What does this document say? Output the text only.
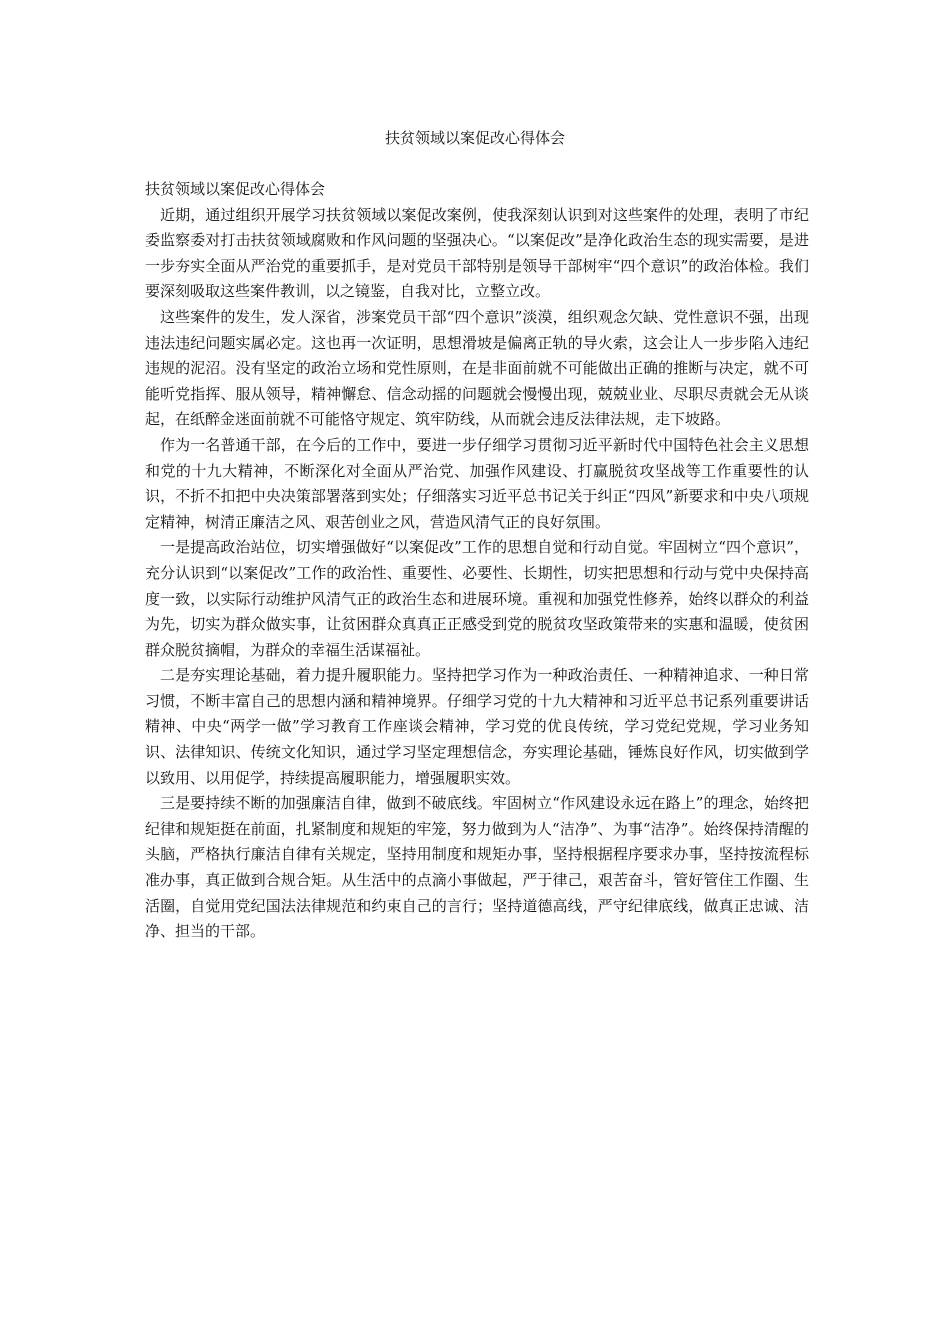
扶贫领域以案促改心得体会

扶贫领域以案促改心得体会

近期，通过组织开展学习扶贫领域以案促改案例，使我深刻认识到对这些案件的处理，表明了市纪委监察委对打击扶贫领域腐败和作风问题的坚强决心。“以案促改”是净化政治生态的现实需要，是进一步夯实全面从严治党的重要抓手，是对党员干部特别是领导干部树牢“四个意识”的政治体检。我们要深刻吸取这些案件教训，以之镜鉴，自我对比，立整立改。

这些案件的发生，发人深省，涉案党员干部“四个意识”淡漠，组织观念欠缺、党性意识不强，出现违法违纪问题实属必定。这也再一次证明，思想滑坡是偏离正轨的导火索，这会让人一步步陷入违纪违规的泥沼。没有坚定的政治立场和党性原则，在是非面前就不可能做出正确的推断与决定，就不可能听党指挥、服从领导，精神懈怠、信念动摇的问题就会慢慢出现，兢兢业业、尽职尽责就会无从谈起，在纸醉金迷面前就不可能恪守规定、筑牢防线，从而就会违反法律法规，走下坡路。

作为一名普通干部，在今后的工作中，要进一步仔细学习贯彻习近平新时代中国特色社会主义思想和党的十九大精神，不断深化对全面从严治党、加强作风建设、打赢脱贫攻坚战等工作重要性的认识，不折不扣把中央决策部署落到实处；仔细落实习近平总书记关于纠正“四风”新要求和中央八项规定精神，树清正廉洁之风、艰苦创业之风，营造风清气正的良好氛围。

一是提高政治站位，切实增强做好“以案促改”工作的思想自觉和行动自觉。牢固树立“四个意识”，充分认识到“以案促改”工作的政治性、重要性、必要性、长期性，切实把思想和行动与党中央保持高度一致，以实际行动维护风清气正的政治生态和进展环境。重视和加强党性修养，始终以群众的利益为先，切实为群众做实事，让贫困群众真真正正感受到党的脱贫攻坚政策带来的实惠和温暖，使贫困群众脱贫摘帽，为群众的幸福生活谋福祉。

二是夯实理论基础，着力提升履职能力。坚持把学习作为一种政治责任、一种精神追求、一种日常习惯，不断丰富自己的思想内涵和精神境界。仔细学习党的十九大精神和习近平总书记系列重要讲话精神、中央“两学一做”学习教育工作座谈会精神，学习党的优良传统，学习党纪党规，学习业务知识、法律知识、传统文化知识，通过学习坚定理想信念，夯实理论基础，锤炼良好作风，切实做到学以致用、以用促学，持续提高履职能力，增强履职实效。

三是要持续不断的加强廉洁自律，做到不破底线。牢固树立“作风建设永远在路上”的理念，始终把纪律和规矩挺在前面，扎紧制度和规矩的牢笼，努力做到为人“洁净”、为事“洁净”。始终保持清醒的头脑，严格执行廉洁自律有关规定，坚持用制度和规矩办事，坚持根据程序要求办事，坚持按流程标准办事，真正做到合规合矩。从生活中的点滴小事做起，严于律己，艰苦奋斗，管好管住工作圈、生活圈，自觉用党纪国法法律规范和约束自己的言行；坚持道德高线，严守纪律底线，做真正忠诚、洁净、担当的干部。
